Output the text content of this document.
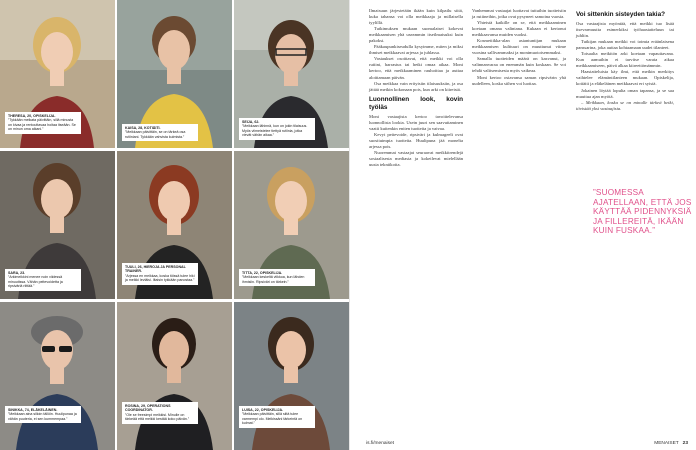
THERESA, 20, OPISKELIJA.
”Tykkään meikata päivittäin, sillä minusta on kivaa ja rentouttavaa hoitaa itseään. Se on minun oma aikani.”	KAISA, 28, KOTIÄITI.
”Meikkaan päivittäin, se on tärkeä osa rutiiniani. Tykkään vahvista kulmista.”
SEIJA, 62.
”Meikkaan lähinnä, kun on jokin tilaisuus. Myös viimeistelee tiettyä rutiinia, jotka vievät vähän aikaa.”
SARA, 23.
”Arkimeikkini menee noin viidessä minuutissa. Vähän peitevoidetta ja ripsiväriä riittää.”
TUULI, 26, HIEROJA JA PERSONAL TRAINER.
”Arjessa en meikkaa, koska töissä tulee hiki ja meikki leviäisi. Iltaisin tykkään panostaa.”
TITTA, 22, OPISKELIJA.
”Meikkaan keskeltä viikkoa, kun lähden ihmisiin. Ripsiväri on tärkein.”
SINIKKA, 74, ELÄKELÄINEN.
”Meikkaan aina silloin tällöin. Huulipunaa ja vähän puuteria, ei sen kummempaa.”
ROSINA, 29, OPERATIONS COORDINATOR.
”Ole se freesimpi meikkisi. Minulle on tärkeää että meikki kestää koko päivän.”
LUISA, 22, OPISKELIJA.
”Meikkaan päivittäin, sillä siitä tulee varmempi olo. Meikissäni tärkeintä on kulmat.”

Ilmaisuun järjestetään ikään kuin kilpailu siitä, kuka tahansa voi olla meikkaaja ja millaisella tyylillä.

Tutkimuksen mukaan suomalaiset kokevat meikkaamisen yhä useammin itseilmaisuksi kuin pakoksi.

Pääkaupunkiseudulla kysyimme, miten ja miksi ihmiset meikkaavat arjessa ja juhlassa.

Vastaukset osoittavat, että meikki voi olla rutiini, harrastus tai hetki omaa aikaa. Moni kertoo, että meikkaaminen rauhoittaa ja auttaa aloittamaan päivän.

Osa meikkaa vain erityisiin tilaisuuksiin, ja osa jättää meikin kokonaan pois, kun arki on kiireistä.

Luonnollinen look, kovin työläs

Moni vastaajista kertoo tavoittelevansa luonnollista lookia. Usein juuri sen saavuttaminen vaatii kuitenkin eniten tuotteita ja vaivaa.

Kevyt peitevoide, ripsiväri ja kulmageeli ovat suosituimpia tuotteita. Huulipuna jää monelta arjessa pois.

Nuoremmat vastaajat seuraavat meikkitrendejä sosiaalisesta mediasta ja kokeilevat mielellään uusia tekniikoita.

Vanhemmat vastaajat luottavat tuttuihin tuotteisiin ja rutiineihin, jotka ovat pysyneet samoina vuosia.

Yhteistä kaikille on se, että meikkaaminen koetaan omana valintana. Kukaan ei kertonut meikkaavansa muiden vuoksi.

Kosmetiikka-alan asiantuntijan mukaan meikkaamisen kulttuuri on muuttunut viime vuosina sallivammaksi ja monimuotoisemmaksi.

Samalla tuotteiden määrä on kasvanut, ja valinnanvaraa on enemmän kuin koskaan. Se voi tehdä valitsemisesta myös vaikeaa.

Moni kertoo ostavansa saman ripsivärin yhä uudelleen, koska siihen voi luottaa.

Voi sittenkin sisteyden takia?

Osa vastaajista myöntää, että meikki tuo lisää itsevarmuutta esimerkiksi työhaastatteluun tai juhliin.

Tutkijan mukaan meikki voi toimia eräänlaisena panssarina, joka auttaa kohtaamaan uudet tilanteet.

Toisaalta meikitön arki koetaan vapauttavana. Kun aamuihin ei tarvitse varata aikaa meikkaamiseen, päivä alkaa kiireettömämmin.

Haastatteluista käy ilmi, että meikin merkitys vaihtelee elämäntilanteen mukaan. Opiskelija, kotiäiti ja eläkeläinen meikkaavat eri syistä.

Jokainen löytää lopulta oman tapansa, ja se saa muuttua ajan myötä.

– Meikkaan, koska se on minulle tärkeä hetki, tiivistää yksi vastaajista.

”SUOMESSA AJATELLAAN, ETTÄ JOS KÄYTTÄÄ PIDENNYKSIÄ JA FILLEREITÄ, IKÄÄN KUIN FUSKAA.”
is.fi/menaiset	MENAISET 23
